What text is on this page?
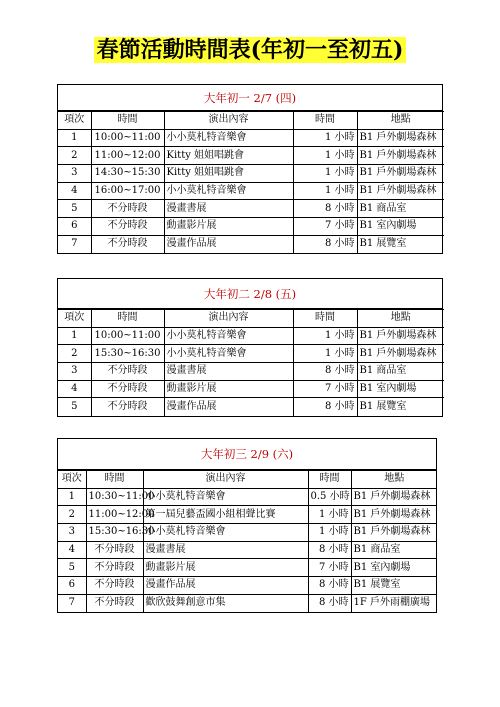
春節活動時間表(年初一至初五)
大年初一 2/7 (四)
項次	時間	演出內容	時間	地點
1	10:00~11:00	小小莫札特音樂會	1 小時	B1 戶外劇場森林
2	11:00~12:00	Kitty 姐姐唱跳會	1 小時	B1 戶外劇場森林
3	14:30~15:30	Kitty 姐姐唱跳會	1 小時	B1 戶外劇場森林
4	16:00~17:00	小小莫札特音樂會	1 小時	B1 戶外劇場森林
5	不分時段	漫畫書展	8 小時	B1 商品室
6	不分時段	動畫影片展	7 小時	B1 室內劇場
7	不分時段	漫畫作品展	8 小時	B1 展覽室
大年初二 2/8 (五)
項次	時間	演出內容	時間	地點
1	10:00~11:00	小小莫札特音樂會	1 小時	B1 戶外劇場森林
2	15:30~16:30	小小莫札特音樂會	1 小時	B1 戶外劇場森林
3	不分時段	漫畫書展	8 小時	B1 商品室
4	不分時段	動畫影片展	7 小時	B1 室內劇場
5	不分時段	漫畫作品展	8 小時	B1 展覽室
大年初三 2/9 (六)
項次	時間	演出內容	時間	地點
1	10:30~11:00	小小莫札特音樂會	0.5 小時	B1 戶外劇場森林
2	11:00~12:00	第一屆兒藝盃國小組相聲比賽	1 小時	B1 戶外劇場森林
3	15:30~16:30	小小莫札特音樂會	1 小時	B1 戶外劇場森林
4	不分時段	漫畫書展	8 小時	B1 商品室
5	不分時段	動畫影片展	7 小時	B1 室內劇場
6	不分時段	漫畫作品展	8 小時	B1 展覽室
7	不分時段	歡欣鼓舞創意市集	8 小時	1F 戶外雨棚廣場
